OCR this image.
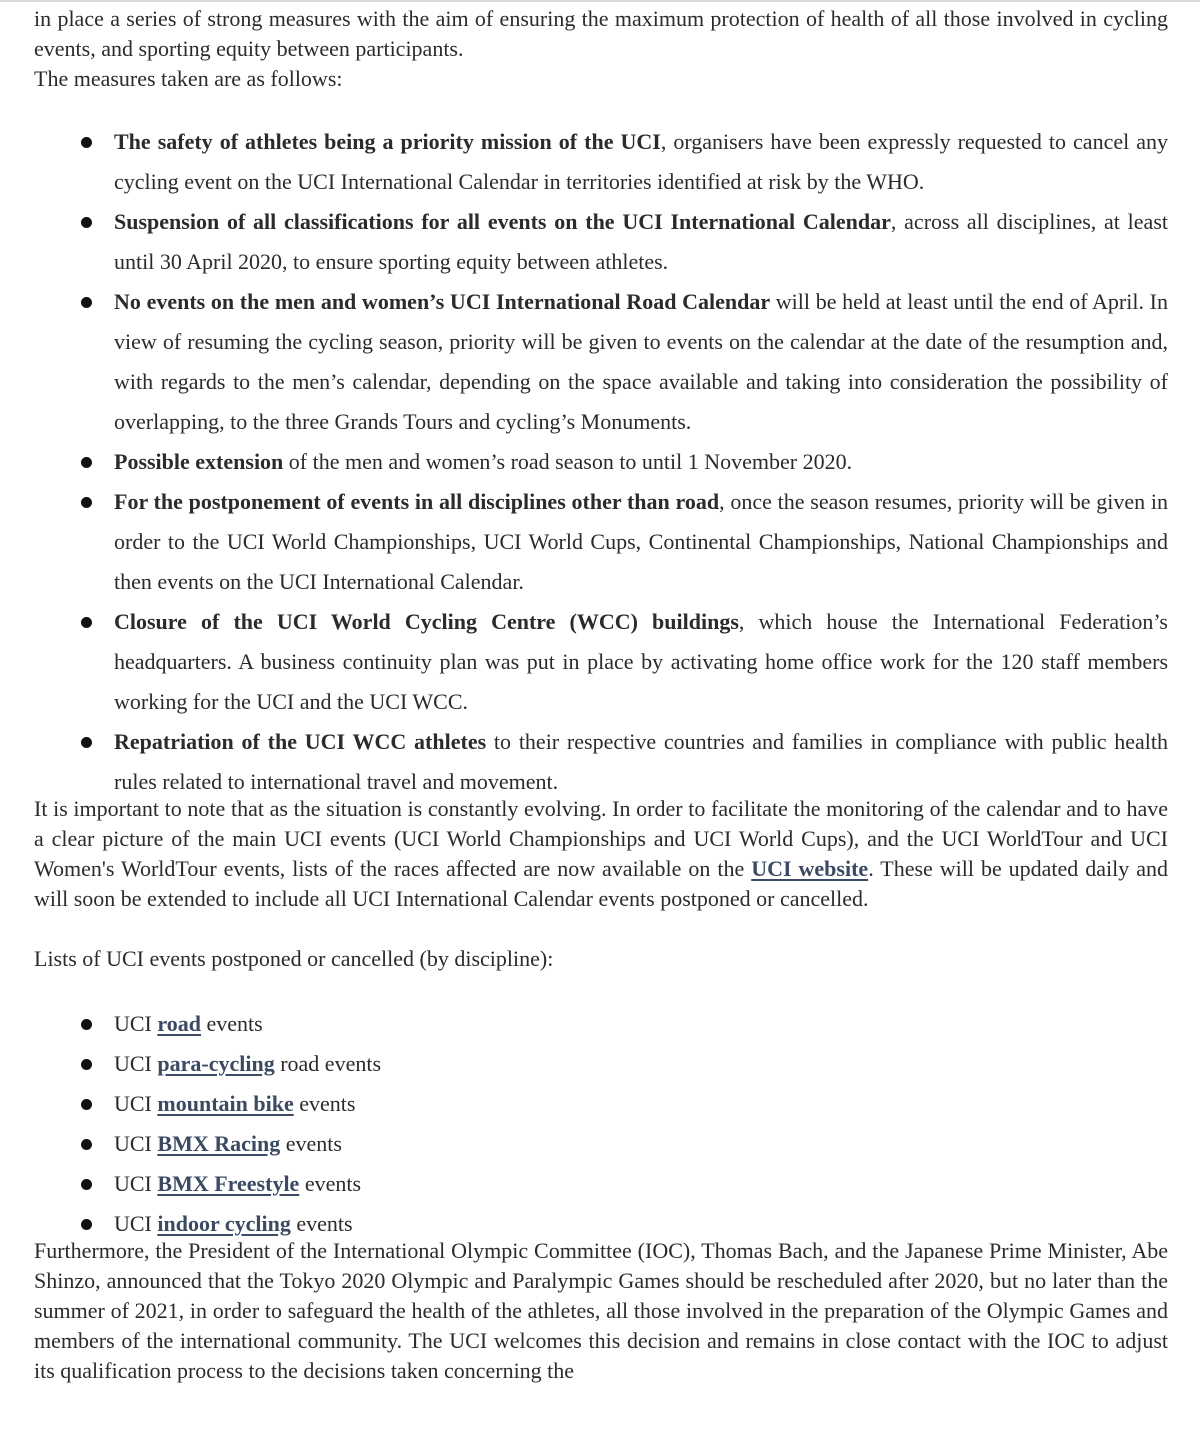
in place a series of strong measures with the aim of ensuring the maximum protection of health of all those involved in cycling events, and sporting equity between participants.
The measures taken are as follows:

The safety of athletes being a priority mission of the UCI, organisers have been expressly requested to cancel any cycling event on the UCI International Calendar in territories identified at risk by the WHO.
Suspension of all classifications for all events on the UCI International Calendar, across all disciplines, at least until 30 April 2020, to ensure sporting equity between athletes.
No events on the men and women’s UCI International Road Calendar will be held at least until the end of April. In view of resuming the cycling season, priority will be given to events on the calendar at the date of the resumption and, with regards to the men’s calendar, depending on the space available and taking into consideration the possibility of overlapping, to the three Grands Tours and cycling’s Monuments.
Possible extension of the men and women’s road season to until 1 November 2020.
For the postponement of events in all disciplines other than road, once the season resumes, priority will be given in order to the UCI World Championships, UCI World Cups, Continental Championships, National Championships and then events on the UCI International Calendar.
Closure of the UCI World Cycling Centre (WCC) buildings, which house the International Federation’s headquarters. A business continuity plan was put in place by activating home office work for the 120 staff members working for the UCI and the UCI WCC.
Repatriation of the UCI WCC athletes to their respective countries and families in compliance with public health rules related to international travel and movement.

It is important to note that as the situation is constantly evolving. In order to facilitate the monitoring of the calendar and to have a clear picture of the main UCI events (UCI World Championships and UCI World Cups), and the UCI WorldTour and UCI Women's WorldTour events, lists of the races affected are now available on the UCI website. These will be updated daily and will soon be extended to include all UCI International Calendar events postponed or cancelled.

Lists of UCI events postponed or cancelled (by discipline):

UCI road events
UCI para-cycling road events
UCI mountain bike events
UCI BMX Racing events
UCI BMX Freestyle events
UCI indoor cycling events

Furthermore, the President of the International Olympic Committee (IOC), Thomas Bach, and the Japanese Prime Minister, Abe Shinzo, announced that the Tokyo 2020 Olympic and Paralympic Games should be rescheduled after 2020, but no later than the summer of 2021, in order to safeguard the health of the athletes, all those involved in the preparation of the Olympic Games and members of the international community. The UCI welcomes this decision and remains in close contact with the IOC to adjust its qualification process to the decisions taken concerning the
